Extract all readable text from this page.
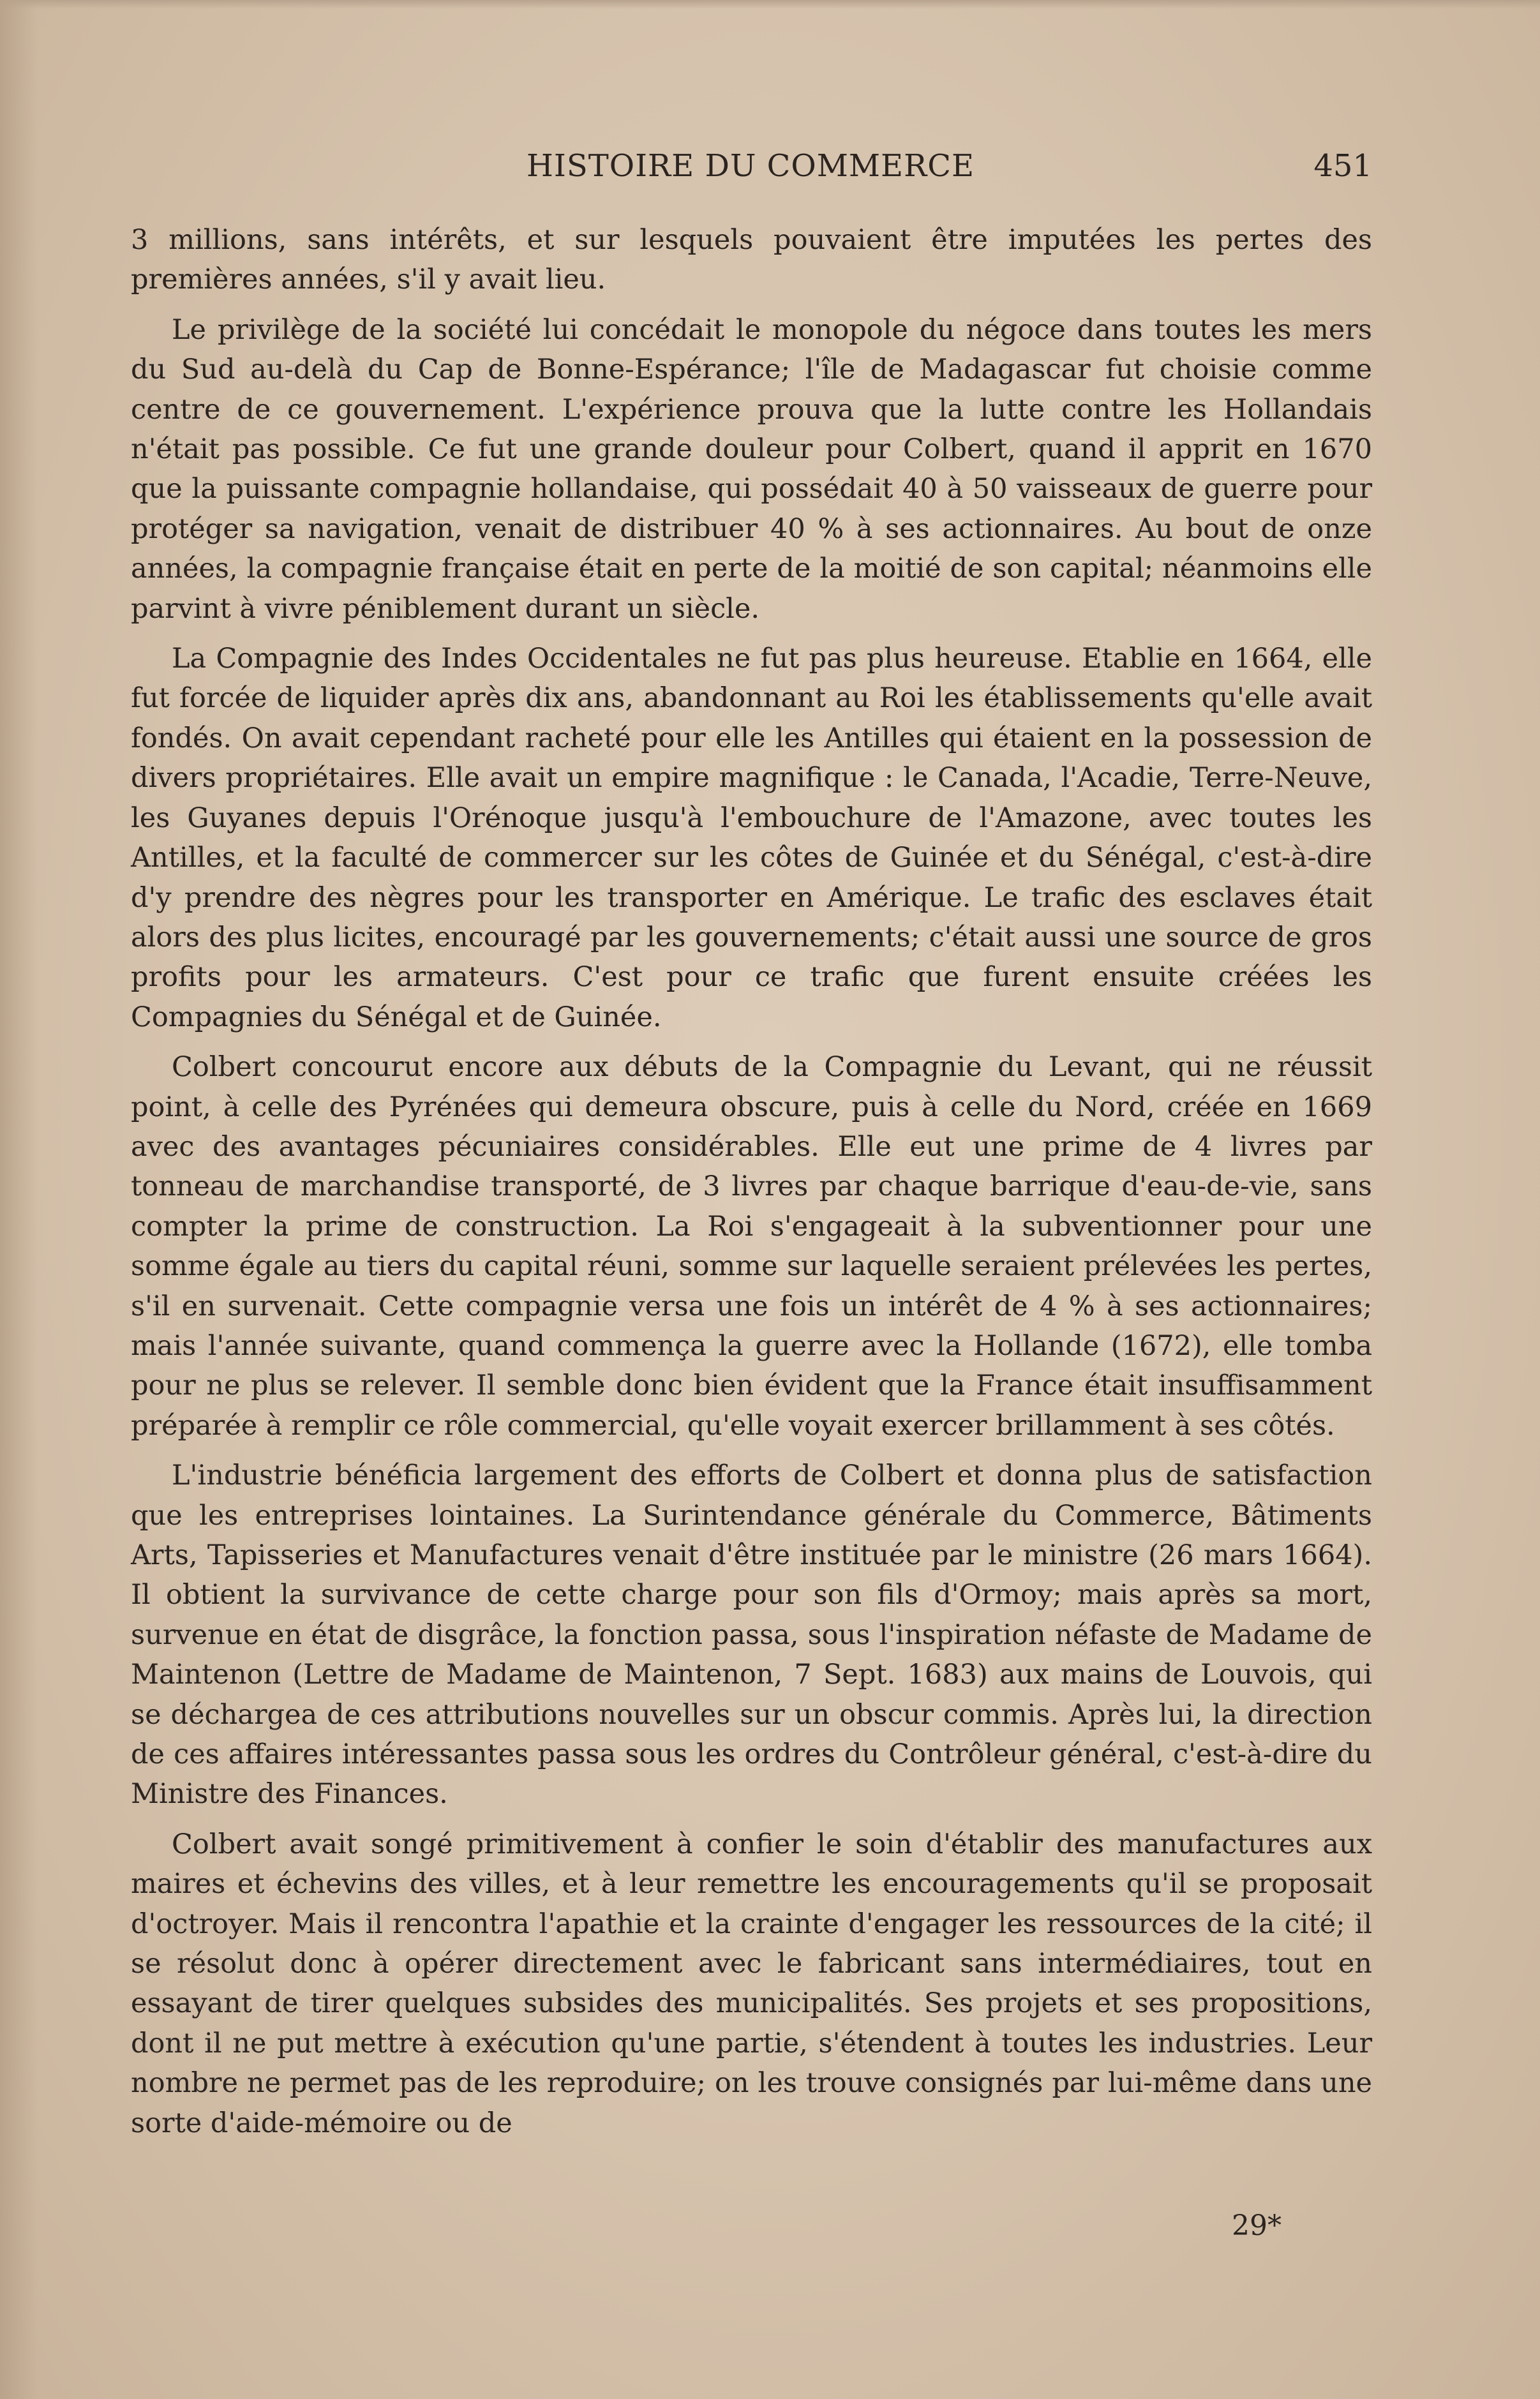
HISTOIRE DU COMMERCE	451

3 millions, sans intérêts, et sur lesquels pouvaient être imputées les pertes des premières années, s'il y avait lieu.

Le privilège de la société lui concédait le monopole du négoce dans toutes les mers du Sud au-delà du Cap de Bonne-Espérance; l'île de Madagascar fut choisie comme centre de ce gouvernement. L'expérience prouva que la lutte contre les Hollandais n'était pas possible. Ce fut une grande douleur pour Colbert, quand il apprit en 1670 que la puissante compagnie hollandaise, qui possédait 40 à 50 vaisseaux de guerre pour protéger sa navigation, venait de distribuer 40 % à ses actionnaires. Au bout de onze années, la compagnie française était en perte de la moitié de son capital; néanmoins elle parvint à vivre péniblement durant un siècle.

La Compagnie des Indes Occidentales ne fut pas plus heureuse. Etablie en 1664, elle fut forcée de liquider après dix ans, abandonnant au Roi les établissements qu'elle avait fondés. On avait cependant racheté pour elle les Antilles qui étaient en la possession de divers propriétaires. Elle avait un empire magnifique : le Canada, l'Acadie, Terre-Neuve, les Guyanes depuis l'Orénoque jusqu'à l'embouchure de l'Amazone, avec toutes les Antilles, et la faculté de commercer sur les côtes de Guinée et du Sénégal, c'est-à-dire d'y prendre des nègres pour les transporter en Amérique. Le trafic des esclaves était alors des plus licites, encouragé par les gouvernements; c'était aussi une source de gros profits pour les armateurs. C'est pour ce trafic que furent ensuite créées les Compagnies du Sénégal et de Guinée.

Colbert concourut encore aux débuts de la Compagnie du Levant, qui ne réussit point, à celle des Pyrénées qui demeura obscure, puis à celle du Nord, créée en 1669 avec des avantages pécuniaires considérables. Elle eut une prime de 4 livres par tonneau de marchandise transporté, de 3 livres par chaque barrique d'eau-de-vie, sans compter la prime de construction. La Roi s'engageait à la subventionner pour une somme égale au tiers du capital réuni, somme sur laquelle seraient prélevées les pertes, s'il en survenait. Cette compagnie versa une fois un intérêt de 4 % à ses actionnaires; mais l'année suivante, quand commença la guerre avec la Hollande (1672), elle tomba pour ne plus se relever. Il semble donc bien évident que la France était insuffisamment préparée à remplir ce rôle commercial, qu'elle voyait exercer brillamment à ses côtés.

L'industrie bénéficia largement des efforts de Colbert et donna plus de satisfaction que les entreprises lointaines. La Surintendance générale du Commerce, Bâtiments Arts, Tapisseries et Manufactures venait d'être instituée par le ministre (26 mars 1664). Il obtient la survivance de cette charge pour son fils d'Ormoy; mais après sa mort, survenue en état de disgrâce, la fonction passa, sous l'inspiration néfaste de Madame de Maintenon (Lettre de Madame de Maintenon, 7 Sept. 1683) aux mains de Louvois, qui se déchargea de ces attributions nouvelles sur un obscur commis. Après lui, la direction de ces affaires intéressantes passa sous les ordres du Contrôleur général, c'est-à-dire du Ministre des Finances.

Colbert avait songé primitivement à confier le soin d'établir des manufactures aux maires et échevins des villes, et à leur remettre les encouragements qu'il se proposait d'octroyer. Mais il rencontra l'apathie et la crainte d'engager les ressources de la cité; il se résolut donc à opérer directement avec le fabricant sans intermédiaires, tout en essayant de tirer quelques subsides des municipalités. Ses projets et ses propositions, dont il ne put mettre à exécution qu'une partie, s'étendent à toutes les industries. Leur nombre ne permet pas de les reproduire; on les trouve consignés par lui-même dans une sorte d'aide-mémoire ou de

29*
